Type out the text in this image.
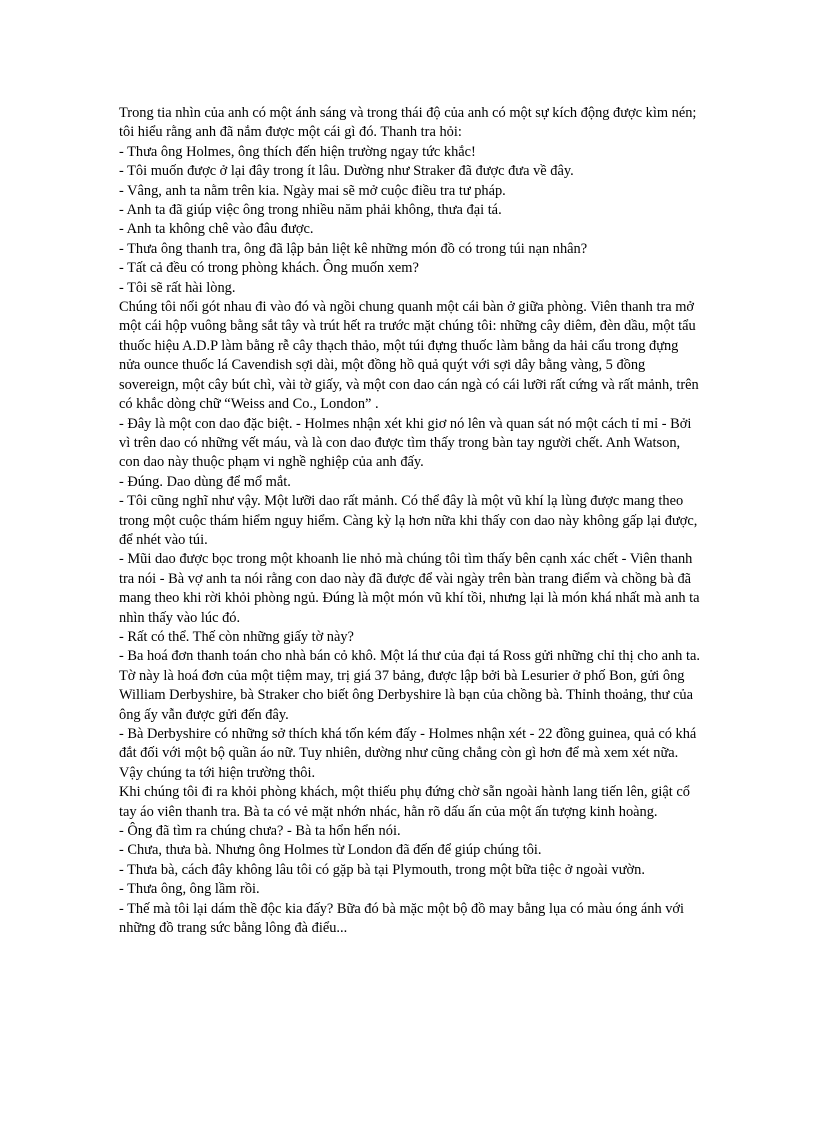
Trong tia nhìn của anh có một ánh sáng và trong thái độ của anh có một sự kích động được kìm nén; tôi hiểu rằng anh đã nắm được một cái gì đó. Thanh tra hỏi:

- Thưa ông Holmes, ông thích đến hiện trường ngay tức khắc!

- Tôi muốn được ở lại đây trong ít lâu. Dường như Straker đã được đưa về đây.

- Vâng, anh ta nằm trên kia. Ngày mai sẽ mở cuộc điều tra tư pháp.

- Anh ta đã giúp việc ông trong nhiều năm phải không, thưa đại tá.

- Anh ta không chê vào đâu được.

- Thưa ông thanh tra, ông đã lập bản liệt kê những món đồ có trong túi nạn nhân?

- Tất cả đều có trong phòng khách. Ông muốn xem?

- Tôi sẽ rất hài lòng.

Chúng tôi nối gót nhau đi vào đó và ngồi chung quanh một cái bàn ở giữa phòng. Viên thanh tra mở một cái hộp vuông bằng sắt tây và trút hết ra trước mặt chúng tôi: những cây diêm, đèn dầu, một tẩu thuốc hiệu A.D.P làm bằng rễ cây thạch thảo, một túi đựng thuốc làm bằng da hải cẩu trong đựng nửa ounce thuốc lá Cavendish sợi dài, một đồng hồ quả quýt với sợi dây bằng vàng, 5 đồng sovereign, một cây bút chì, vài tờ giấy, và một con dao cán ngà có cái lưỡi rất cứng và rất mảnh, trên có khắc dòng chữ “Weiss and Co., London” .

- Đây là một con dao đặc biệt. - Holmes nhận xét khi giơ nó lên và quan sát nó một cách tỉ mỉ - Bởi vì trên dao có những vết máu, và là con dao được tìm thấy trong bàn tay người chết. Anh Watson, con dao này thuộc phạm vi nghề nghiệp của anh đấy.

- Đúng. Dao dùng để mổ mắt.

- Tôi cũng nghĩ như vậy. Một lưỡi dao rất mảnh. Có thể đây là một vũ khí lạ lùng được mang theo trong một cuộc thám hiểm nguy hiểm. Càng kỳ lạ hơn nữa khi thấy con dao này không gấp lại được, để nhét vào túi.

- Mũi dao được bọc trong một khoanh lie nhỏ mà chúng tôi tìm thấy bên cạnh xác chết - Viên thanh tra nói - Bà vợ anh ta nói rằng con dao này đã được để vài ngày trên bàn trang điểm và chồng bà đã mang theo khi rời khỏi phòng ngủ. Đúng là một món vũ khí tồi, nhưng lại là món khá nhất mà anh ta nhìn thấy vào lúc đó.

- Rất có thể. Thế còn những giấy tờ này?

- Ba hoá đơn thanh toán cho nhà bán cỏ khô. Một lá thư của đại tá Ross gửi những chỉ thị cho anh ta. Tờ này là hoá đơn của một tiệm may, trị giá 37 bảng, được lập bởi bà Lesurier ở phố Bon, gửi ông William Derbyshire, bà Straker cho biết ông Derbyshire là bạn của chồng bà. Thỉnh thoảng, thư của ông ấy vẫn được gửi đến đây.

- Bà Derbyshire có những sở thích khá tốn kém đấy - Holmes nhận xét - 22 đồng guinea, quả có khá đắt đối với một bộ quần áo nữ. Tuy nhiên, dường như cũng chẳng còn gì hơn để mà xem xét nữa. Vậy chúng ta tới hiện trường thôi.

Khi chúng tôi đi ra khỏi phòng khách, một thiếu phụ đứng chờ sẵn ngoài hành lang tiến lên, giật cổ tay áo viên thanh tra. Bà ta có vẻ mặt nhớn nhác, hằn rõ dấu ấn của một ấn tượng kinh hoàng.

- Ông đã tìm ra chúng chưa? - Bà ta hổn hển nói.

- Chưa, thưa bà. Nhưng ông Holmes từ London đã đến để giúp chúng tôi.

- Thưa bà, cách đây không lâu tôi có gặp bà tại Plymouth, trong một bữa tiệc ở ngoài vườn.

- Thưa ông, ông lầm rồi.

- Thế mà tôi lại dám thề độc kia đấy? Bữa đó bà mặc một bộ đồ may bằng lụa có màu óng ánh với những đồ trang sức bằng lông đà điểu...
